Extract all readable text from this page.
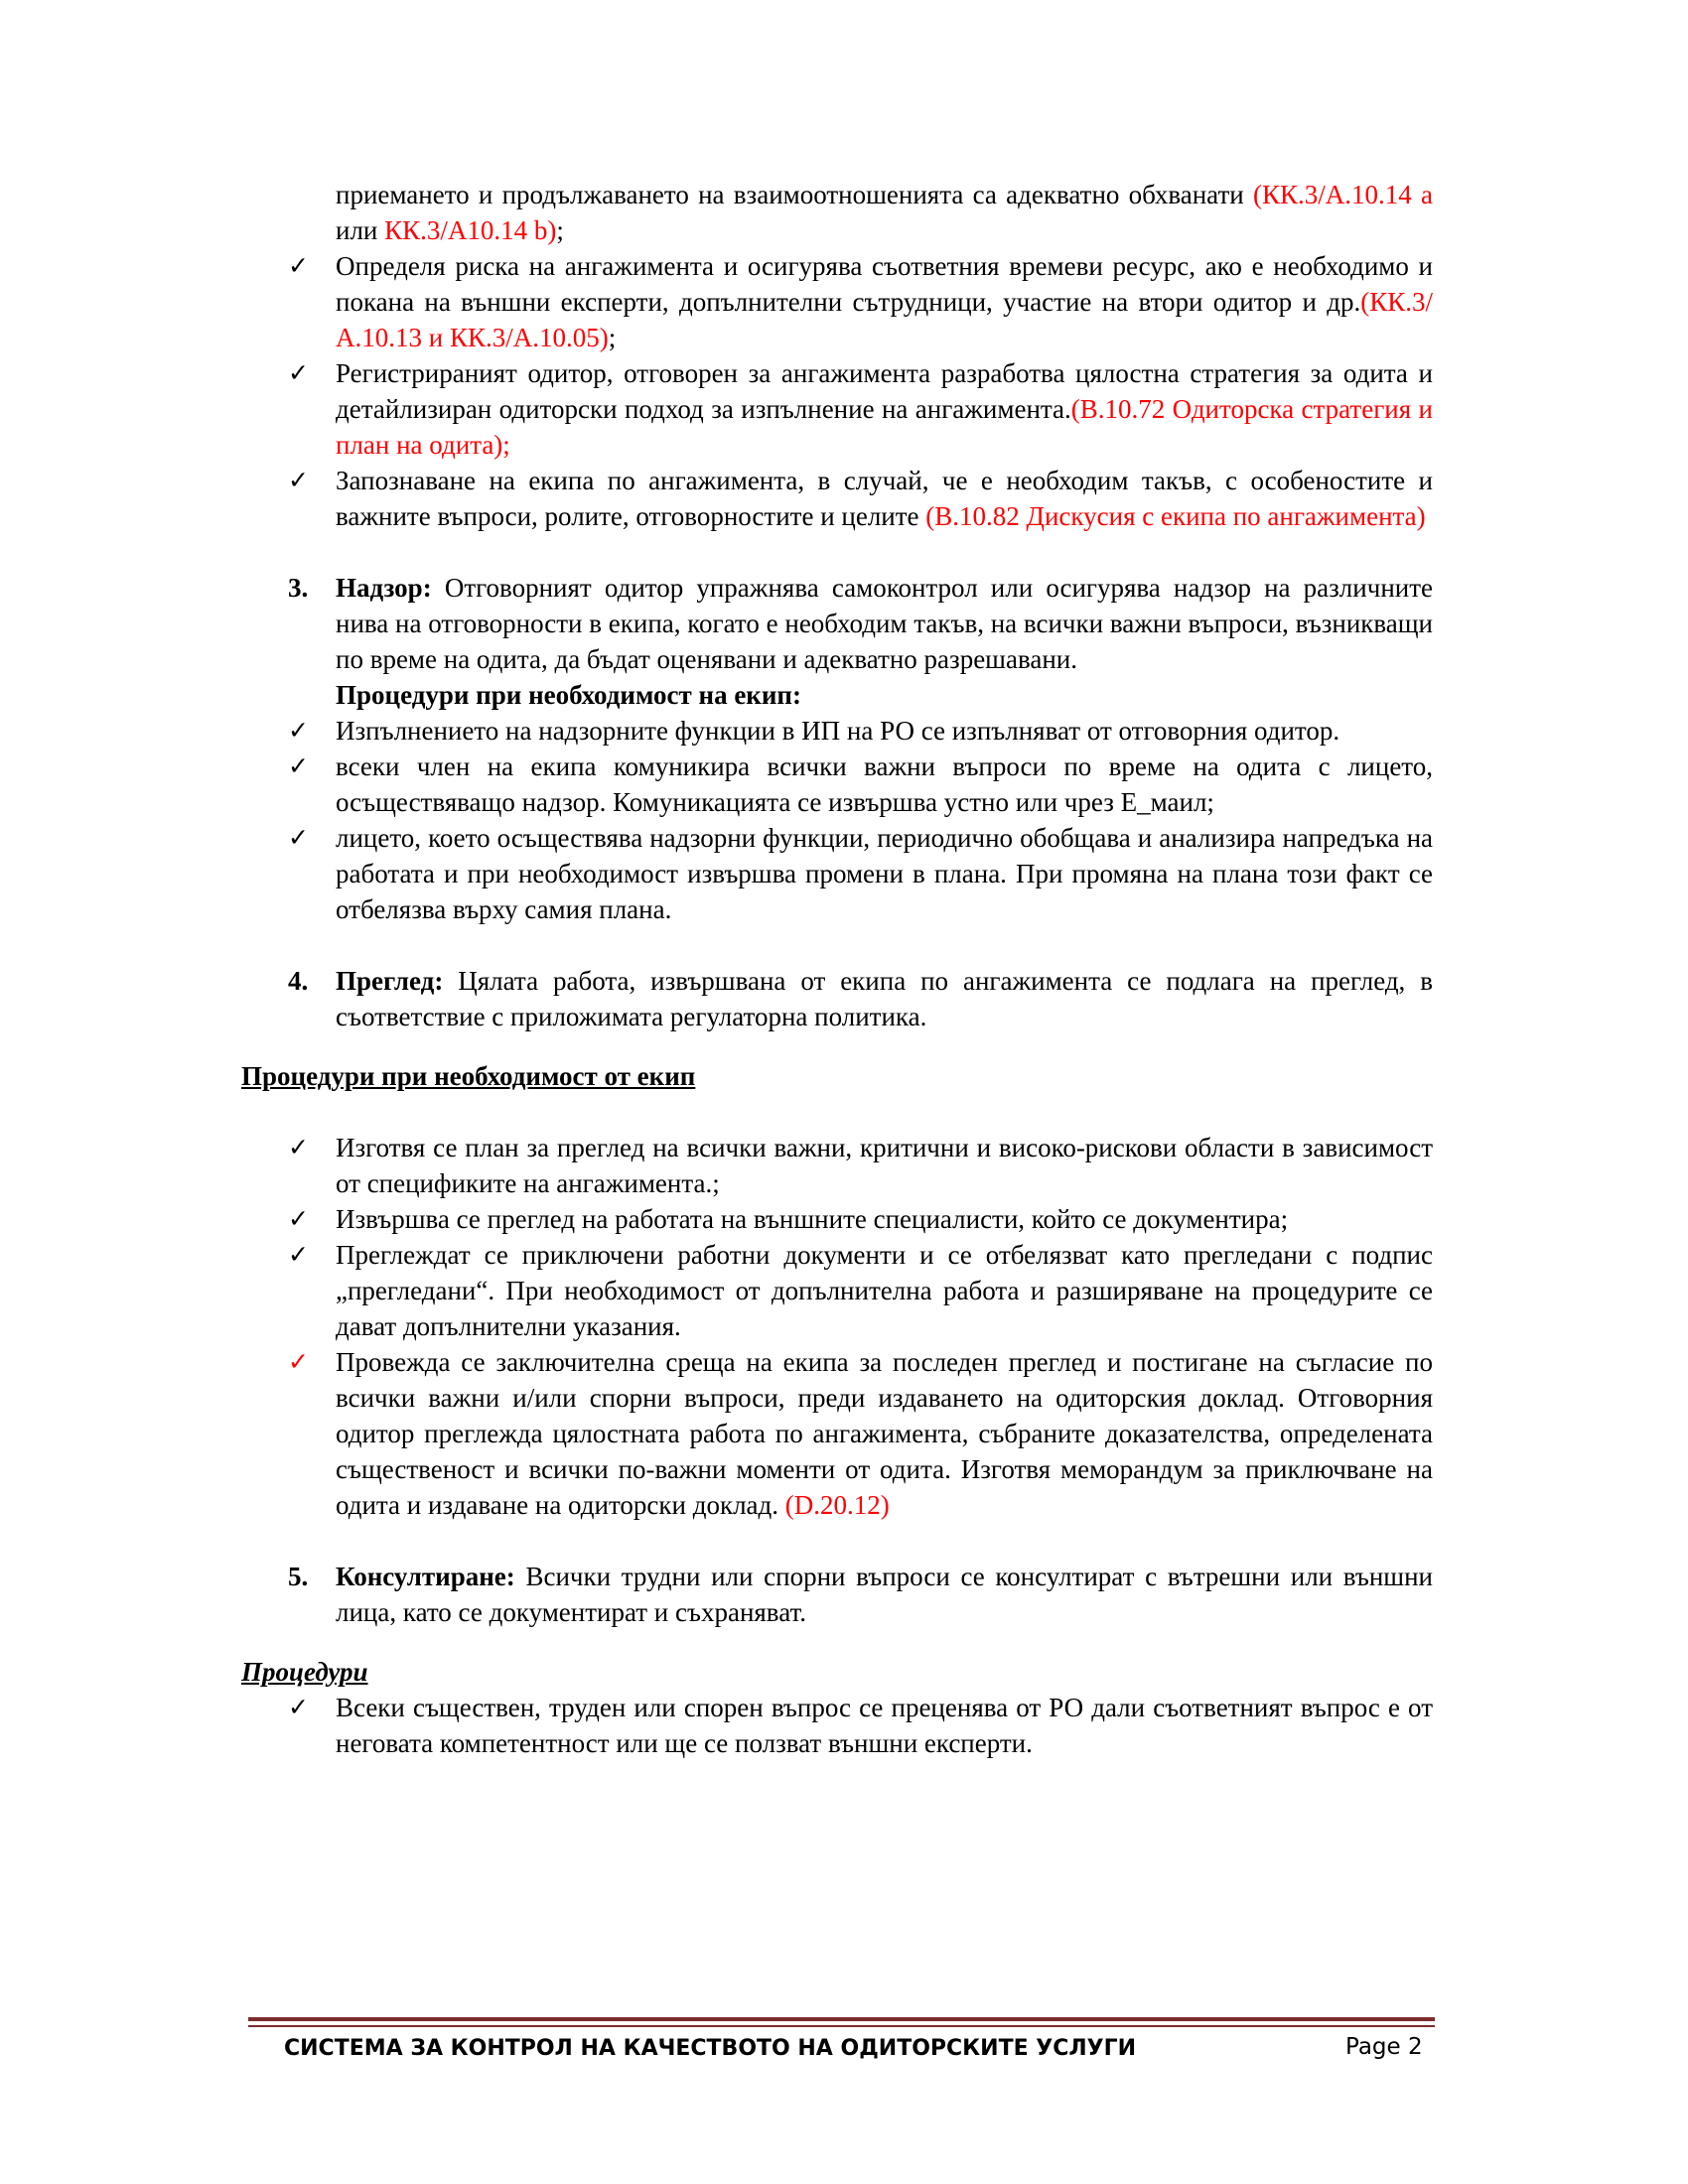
приемането и продължаването на взаимоотношенията са адекватно обхванати (КК.3/А.10.14 а или КК.3/А10.14 b);
✓ Определя риска на ангажимента и осигурява съответния времеви ресурс, ако е необходимо и покана на външни експерти, допълнителни сътрудници, участие на втори одитор и др.(КК.3/А.10.13 и КК.3/А.10.05);
✓ Регистрираният одитор, отговорен за ангажимента разработва цялостна стратегия за одита и детайлизиран одиторски подход за изпълнение на ангажимента.(В.10.72 Одиторска стратегия и план на одита);
✓ Запознаване на екипа по ангажимента, в случай, че е необходим такъв, с особеностите и важните въпроси, ролите, отговорностите и целите (В.10.82 Дискусия с екипа по ангажимента)
3. Надзор: Отговорният одитор упражнява самоконтрол или осигурява надзор на различните нива на отговорности в екипа, когато е необходим такъв, на всички важни въпроси, възникващи по време на одита, да бъдат оценявани и адекватно разрешавани.
Процедури при необходимост на екип:
✓ Изпълнението на надзорните функции в ИП на РО се изпълняват от отговорния одитор.
✓ всеки член на екипа комуникира всички важни въпроси по време на одита с лицето, осъществяващо надзор. Комуникацията се извършва устно или чрез Е_маил;
✓ лицето, което осъществява надзорни функции, периодично обобщава и анализира напредъка на работата и при необходимост извършва промени в плана. При промяна на плана този факт се отбелязва върху самия плана.
4. Преглед: Цялата работа, извършвана от екипа по ангажимента се подлага на преглед, в съответствие с приложимата регулаторна политика.
Процедури при необходимост от екип
✓ Изготвя се план за преглед на всички важни, критични и високо-рискови области в зависимост от спецификите на ангажимента.;
✓ Извършва се преглед на работата на външните специалисти, който се документира;
✓ Преглеждат се приключени работни документи и се отбелязват като прегледани с подпис „прегледани“. При необходимост от допълнителна работа и разширяване на процедурите се дават допълнителни указания.
✓ Провежда се заключителна среща на екипа за последен преглед и постигане на съгласие по всички важни и/или спорни въпроси, преди издаването на одиторския доклад. Отговорния одитор преглежда цялостната работа по ангажимента, събраните доказателства, определената същественост и всички по-важни моменти от одита. Изготвя меморандум за приключване на одита и издаване на одиторски доклад. (D.20.12)
5. Консултиране: Всички трудни или спорни въпроси се консултират с вътрешни или външни лица, като се документират и съхраняват.
Процедури
✓ Всеки съществен, труден или спорен въпрос се преценява от РО дали съответният въпрос е от неговата компетентност или ще се ползват външни експерти.
СИСТЕМА ЗА КОНТРОЛ НА КАЧЕСТВОТО НА ОДИТОРСКИТЕ УСЛУГИ	Page 2
